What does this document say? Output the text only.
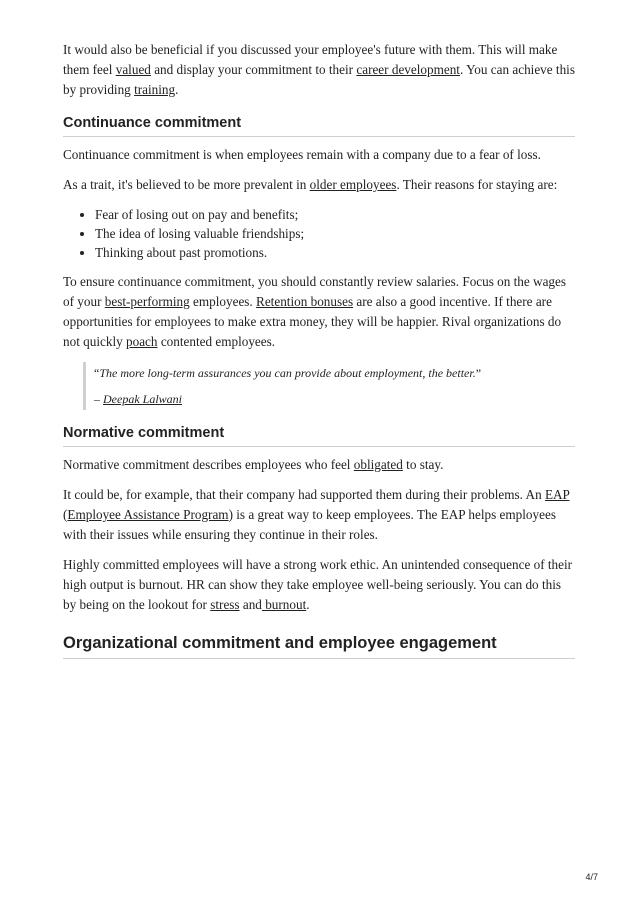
It would also be beneficial if you discussed your employee's future with them. This will make them feel valued and display your commitment to their career development. You can achieve this by providing training.

Continuance commitment

Continuance commitment is when employees remain with a company due to a fear of loss.

As a trait, it's believed to be more prevalent in older employees. Their reasons for staying are:

• Fear of losing out on pay and benefits;
• The idea of losing valuable friendships;
• Thinking about past promotions.

To ensure continuance commitment, you should constantly review salaries. Focus on the wages of your best-performing employees. Retention bonuses are also a good incentive. If there are opportunities for employees to make extra money, they will be happier. Rival organizations do not quickly poach contented employees.

“The more long-term assurances you can provide about employment, the better.”

– Deepak Lalwani

Normative commitment

Normative commitment describes employees who feel obligated to stay.

It could be, for example, that their company had supported them during their problems. An EAP (Employee Assistance Program) is a great way to keep employees. The EAP helps employees with their issues while ensuring they continue in their roles.

Highly committed employees will have a strong work ethic. An unintended consequence of their high output is burnout. HR can show they take employee well-being seriously. You can do this by being on the lookout for stress and burnout.

Organizational commitment and employee engagement
4/7
